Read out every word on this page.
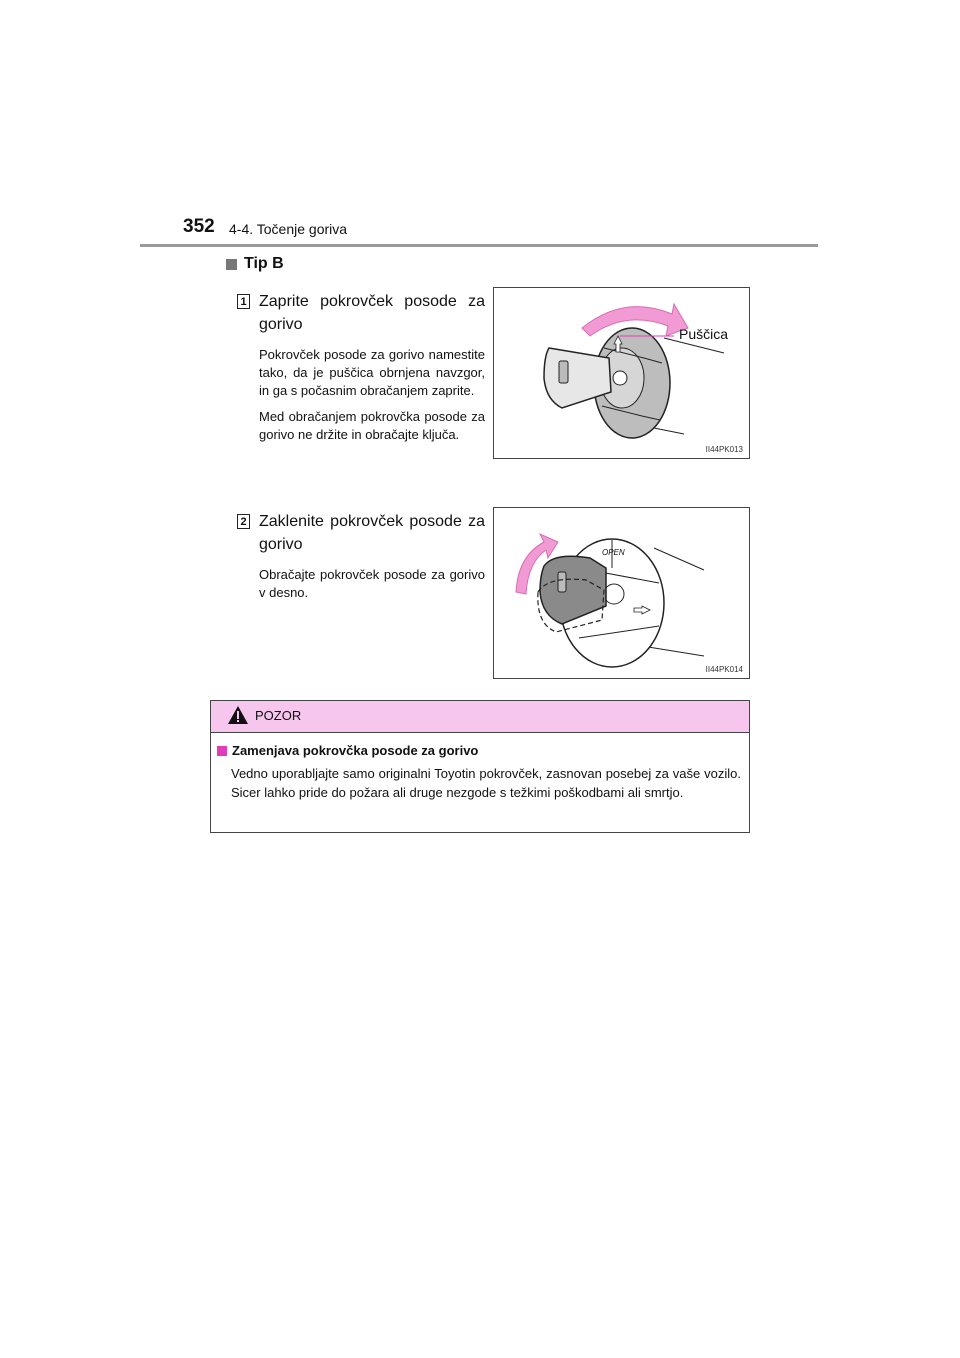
352 4-4. Točenje goriva
Tip B
1 Zaprite pokrovček posode za gorivo

Pokrovček posode za gorivo namestite tako, da je puščica obrnjena navzgor, in ga s počasnim obračanjem zaprite.

Med obračanjem pokrovčka posode za gorivo ne držite in obračajte ključa.

Puščica
II44PK013
2 Zaklenite pokrovček posode za gorivo

Obračajte pokrovček posode za gorivo v desno.

OPEN
II44PK014
POZOR
Zamenjava pokrovčka posode za gorivo
Vedno uporabljajte samo originalni Toyotin pokrovček, zasnovan posebej za vaše vozilo. Sicer lahko pride do požara ali druge nezgode s težkimi poškodbami ali smrtjo.
